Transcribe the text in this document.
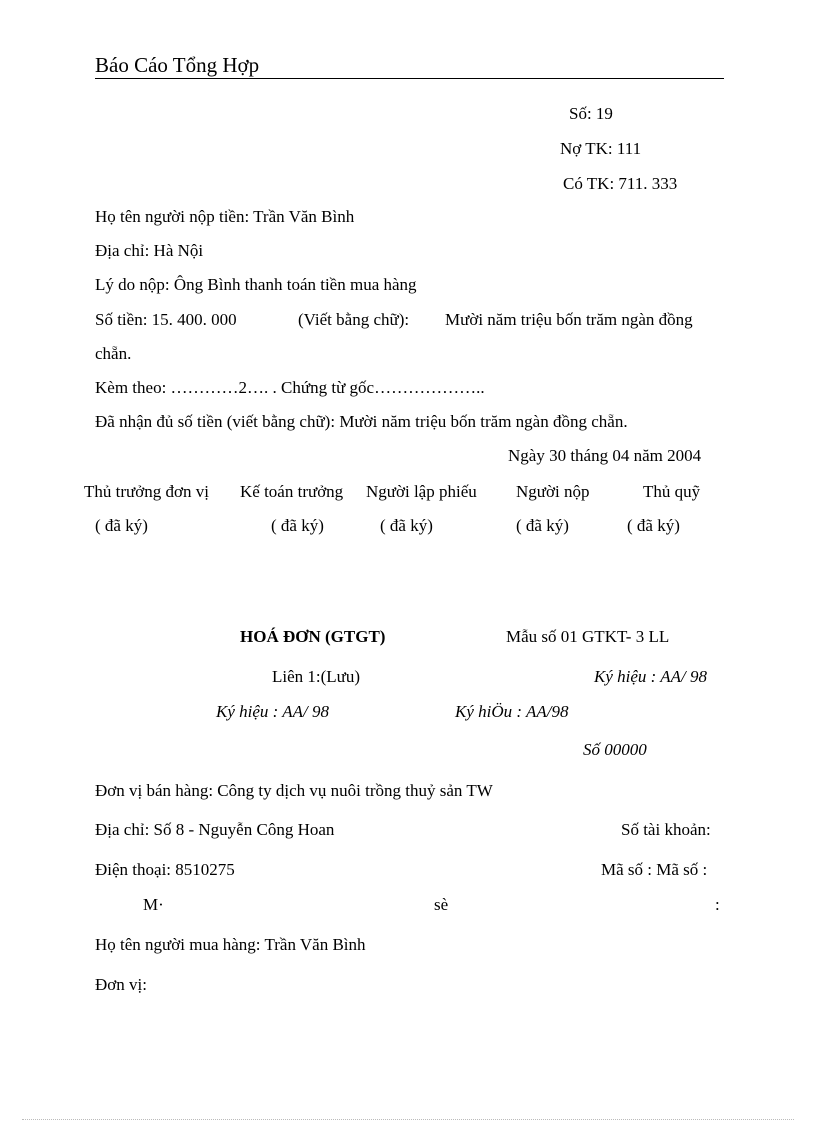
Báo Cáo Tổng Hợp
Số: 19
Nợ TK: 111
Có TK: 711. 333
Họ tên người nộp tiền: Trần Văn Bình
Địa chỉ: Hà Nội
Lý do nộp: Ông Bình thanh toán tiền mua hàng
Số tiền: 15. 400. 000	(Viết bằng chữ): Mười năm triệu bốn trăm ngàn đồng
chẵn.
Kèm theo: …………2…. . Chứng từ gốc………………..
Đã nhận đủ số tiền (viết bằng chữ): Mười năm triệu bốn trăm ngàn đồng chẵn.
Ngày 30 tháng 04 năm 2004
Thủ trưởng đơn vị
( đã ký)
Kế toán trưởng
( đã ký)
Người lập phiếu
( đã ký)
Người nộp
( đã ký)
Thủ quỹ
( đã ký)
HOÁ ĐƠN (GTGT)	Mẫu số 01 GTKT- 3 LL
Liên 1:(Lưu)	Ký hiệu : AA/ 98
Ký hiệu : AA/ 98	Ký hiÖu : AA/98
Số 00000
Đơn vị bán hàng: Công ty dịch vụ nuôi trồng thuỷ sản TW
Địa chỉ: Số 8 - Nguyễn Công Hoan	Số tài khoản:
Điện thoại: 8510275	Mã số : Mã số :
M·	sè	:
Họ tên người mua hàng: Trần Văn Bình
Đơn vị:
